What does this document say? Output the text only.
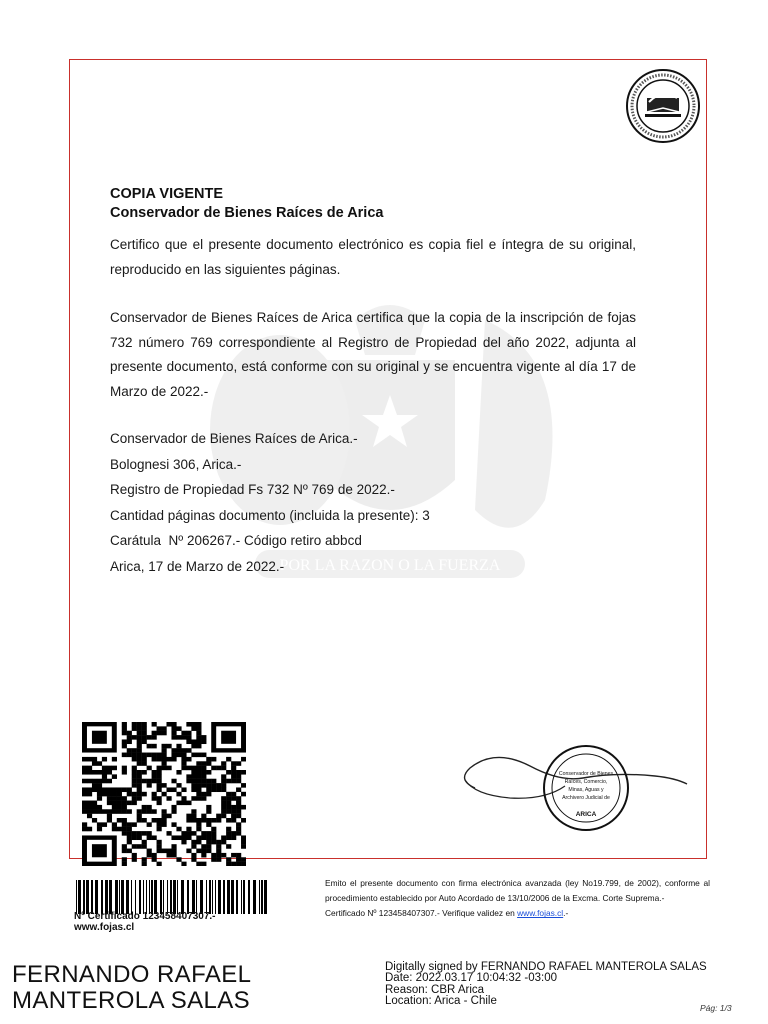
POR LA RAZON O LA FUERZA
COPIA VIGENTE
Conservador de Bienes Raíces de Arica

Certifico que el presente documento electrónico es copia fiel e íntegra de su original, reproducido en las siguientes páginas.

Conservador de Bienes Raíces de Arica certifica que la copia de la inscripción de fojas 732 número 769 correspondiente al Registro de Propiedad del año 2022, adjunta al presente documento, está conforme con su original y se encuentra vigente al día 17 de Marzo de 2022.-

Conservador de Bienes Raíces de Arica.-
Bolognesi 306, Arica.-
Registro de Propiedad Fs 732 Nº 769 de 2022.-
Cantidad páginas documento (incluida la presente): 3
Carátula  Nº 206267.- Código retiro abbcd
Arica, 17 de Marzo de 2022.-
Conservador de Bienes
Raíces, Comercio,
Minas, Aguas y
Archivero Judicial de
ARICA
Nº Certificado 123458407307.-
www.fojas.cl

Emito el presente documento con firma electrónica avanzada (ley No19.799, de 2002), conforme al procedimiento establecido por Auto Acordado de 13/10/2006 de la Excma. Corte Suprema.-

Certificado Nº 123458407307.- Verifique validez en www.fojas.cl.-

FERNANDO RAFAEL
MANTEROLA SALAS
Digitally signed by FERNANDO RAFAEL MANTEROLA SALAS
Date: 2022.03.17 10:04:32 -03:00
Reason: CBR Arica
Location: Arica - Chile
Pág: 1/3
